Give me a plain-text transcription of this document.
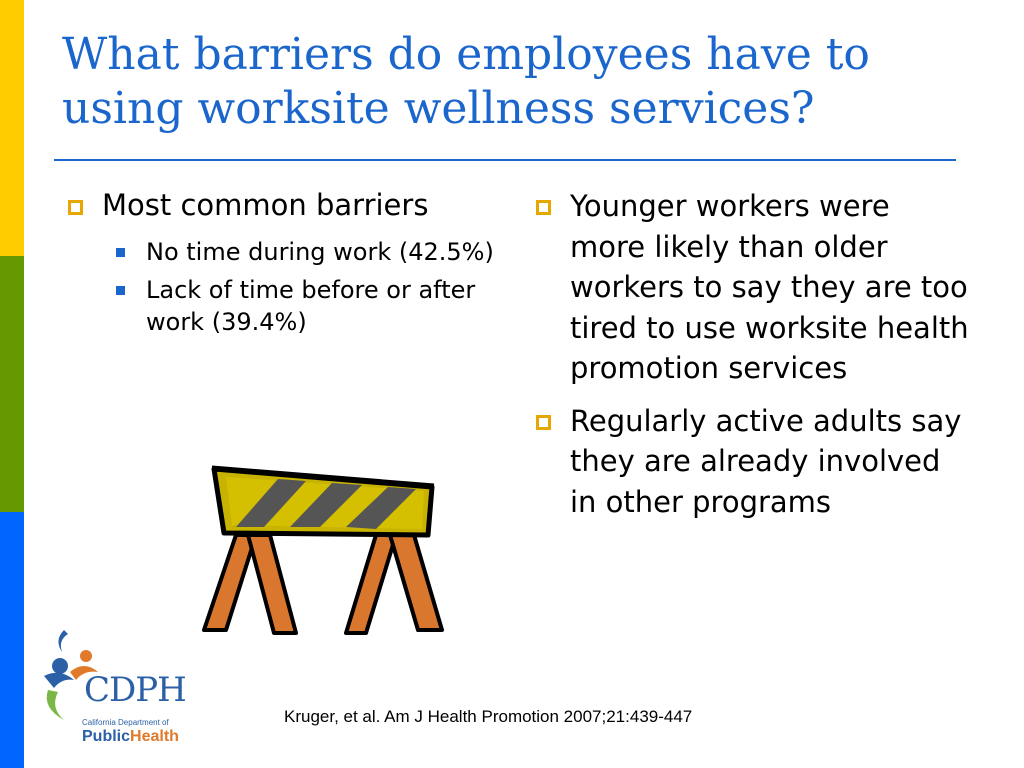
What barriers do employees have to using worksite wellness services?
Most common barriers
No time during work (42.5%)
Lack of time before or after work (39.4%)
Younger workers were more likely than older workers to say they are too tired to use worksite health promotion services
Regularly active adults say they are already involved in other programs
CDPH
California Department of
PublicHealth
Kruger, et al. Am J Health Promotion 2007;21:439-447
